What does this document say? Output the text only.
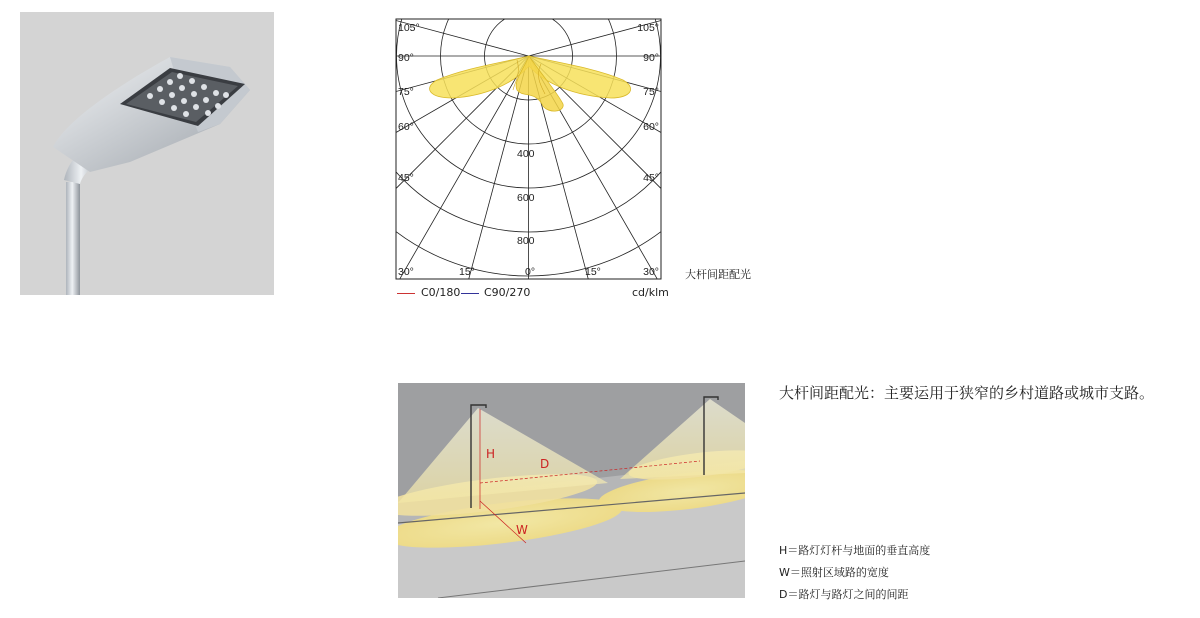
105°
90°
75°
60°
45°
105°
90°
75°
60°
45°
400
600
800
30°	15°	0°	15°	30°
C0/180 C90/270	cd/klm
大杆间距配光
H
D
W
大杆间距配光：主要运用于狭窄的乡村道路或城市支路。
H＝路灯灯杆与地面的垂直高度
W＝照射区域路的宽度
D＝路灯与路灯之间的间距
